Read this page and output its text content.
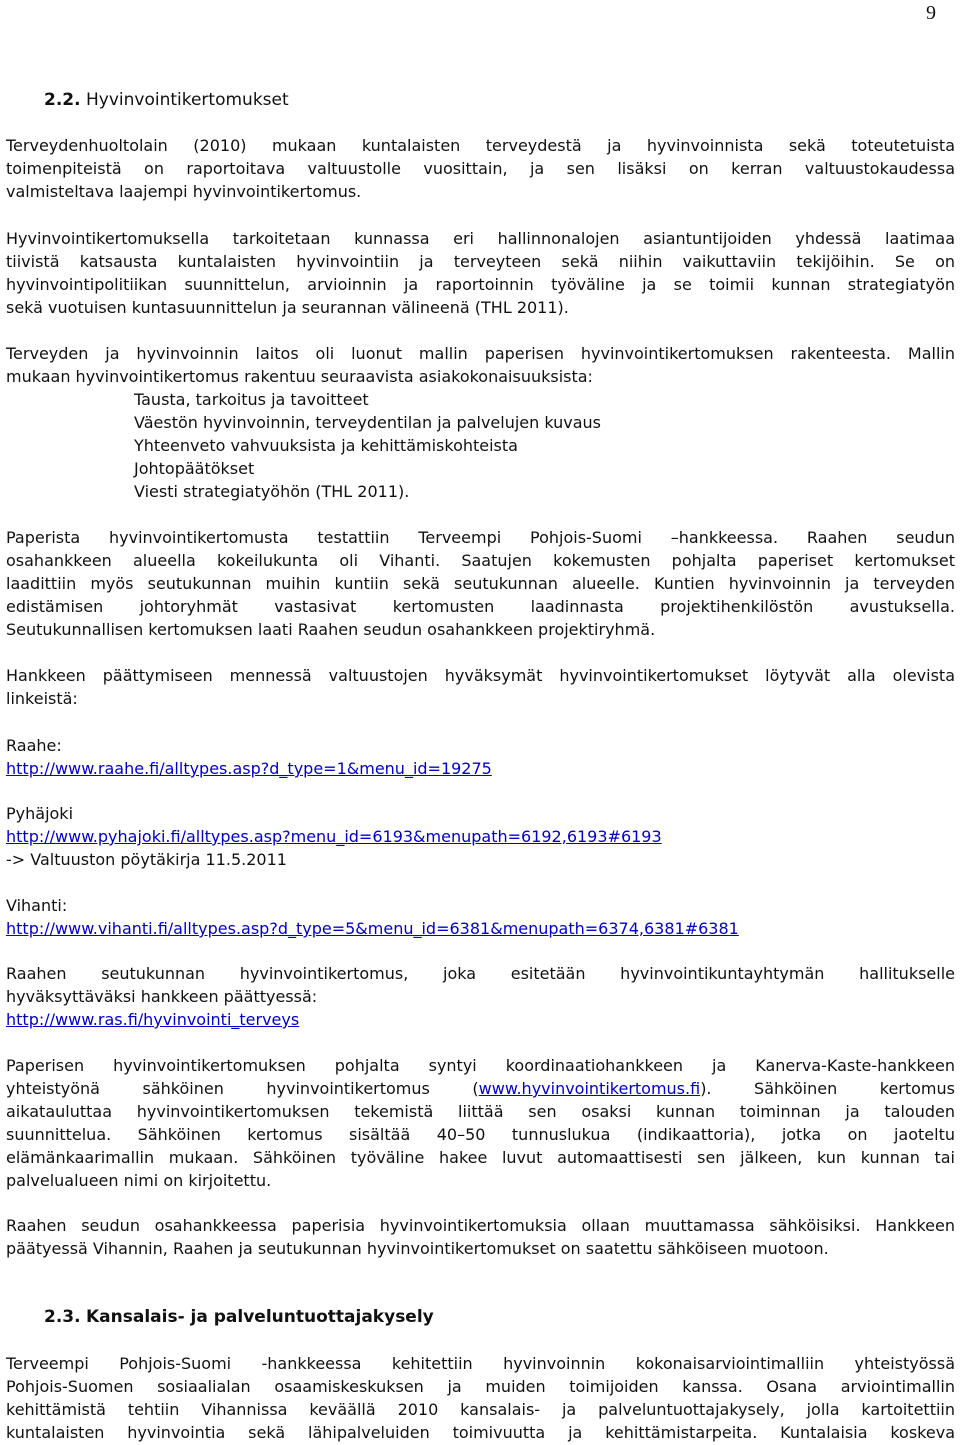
9
2.2. Hyvinvointikertomukset
Terveydenhuoltolain (2010) mukaan kuntalaisten terveydestä ja hyvinvoinnista sekä toteutetuista
toimenpiteistä on raportoitava valtuustolle vuosittain, ja sen lisäksi on kerran valtuustokaudessa
valmisteltava laajempi hyvinvointikertomus.
Hyvinvointikertomuksella tarkoitetaan kunnassa eri hallinnonalojen asiantuntijoiden yhdessä laatimaa
tiivistä katsausta kuntalaisten hyvinvointiin ja terveyteen sekä niihin vaikuttaviin tekijöihin. Se on
hyvinvointipolitiikan suunnittelun, arvioinnin ja raportoinnin työväline ja se toimii kunnan strategiatyön
sekä vuotuisen kuntasuunnittelun ja seurannan välineenä (THL 2011).
Terveyden ja hyvinvoinnin laitos oli luonut mallin paperisen hyvinvointikertomuksen rakenteesta. Mallin
mukaan hyvinvointikertomus rakentuu seuraavista asiakokonaisuuksista:
Tausta, tarkoitus ja tavoitteet
Väestön hyvinvoinnin, terveydentilan ja palvelujen kuvaus
Yhteenveto vahvuuksista ja kehittämiskohteista
Johtopäätökset
Viesti strategiatyöhön (THL 2011).
Paperista hyvinvointikertomusta testattiin Terveempi Pohjois-Suomi –hankkeessa. Raahen seudun
osahankkeen alueella kokeilukunta oli Vihanti. Saatujen kokemusten pohjalta paperiset kertomukset
laadittiin myös seutukunnan muihin kuntiin sekä seutukunnan alueelle. Kuntien hyvinvoinnin ja terveyden
edistämisen johtoryhmät vastasivat kertomusten laadinnasta projektihenkilöstön avustuksella.
Seutukunnallisen kertomuksen laati Raahen seudun osahankkeen projektiryhmä.
Hankkeen päättymiseen mennessä valtuustojen hyväksymät hyvinvointikertomukset löytyvät alla olevista
linkeistä:
Raahe:
http://www.raahe.fi/alltypes.asp?d_type=1&menu_id=19275
Pyhäjoki
http://www.pyhajoki.fi/alltypes.asp?menu_id=6193&menupath=6192,6193#6193
-> Valtuuston pöytäkirja 11.5.2011
Vihanti:
http://www.vihanti.fi/alltypes.asp?d_type=5&menu_id=6381&menupath=6374,6381#6381
Raahen seutukunnan hyvinvointikertomus, joka esitetään hyvinvointikuntayhtymän hallitukselle
hyväksyttäväksi hankkeen päättyessä:
http://www.ras.fi/hyvinvointi_terveys
Paperisen hyvinvointikertomuksen pohjalta syntyi koordinaatiohankkeen ja Kanerva-Kaste-hankkeen
yhteistyönä sähköinen hyvinvointikertomus (www.hyvinvointikertomus.fi). Sähköinen kertomus
aikatauluttaa hyvinvointikertomuksen tekemistä liittää sen osaksi kunnan toiminnan ja talouden
suunnittelua. Sähköinen kertomus sisältää 40–50 tunnuslukua (indikaattoria), jotka on jaoteltu
elämänkaarimallin mukaan. Sähköinen työväline hakee luvut automaattisesti sen jälkeen, kun kunnan tai
palvelualueen nimi on kirjoitettu.
Raahen seudun osahankkeessa paperisia hyvinvointikertomuksia ollaan muuttamassa sähköisiksi. Hankkeen
päätyessä Vihannin, Raahen ja seutukunnan hyvinvointikertomukset on saatettu sähköiseen muotoon.
2.3. Kansalais- ja palveluntuottajakysely
Terveempi Pohjois-Suomi -hankkeessa kehitettiin hyvinvoinnin kokonaisarviointimalliin yhteistyössä
Pohjois-Suomen sosiaalialan osaamiskeskuksen ja muiden toimijoiden kanssa. Osana arviointimallin
kehittämistä tehtiin Vihannissa keväällä 2010 kansalais- ja palveluntuottajakysely, jolla kartoitettiin
kuntalaisten hyvinvointia sekä lähipalveluiden toimivuutta ja kehittämistarpeita. Kuntalaisia koskeva
